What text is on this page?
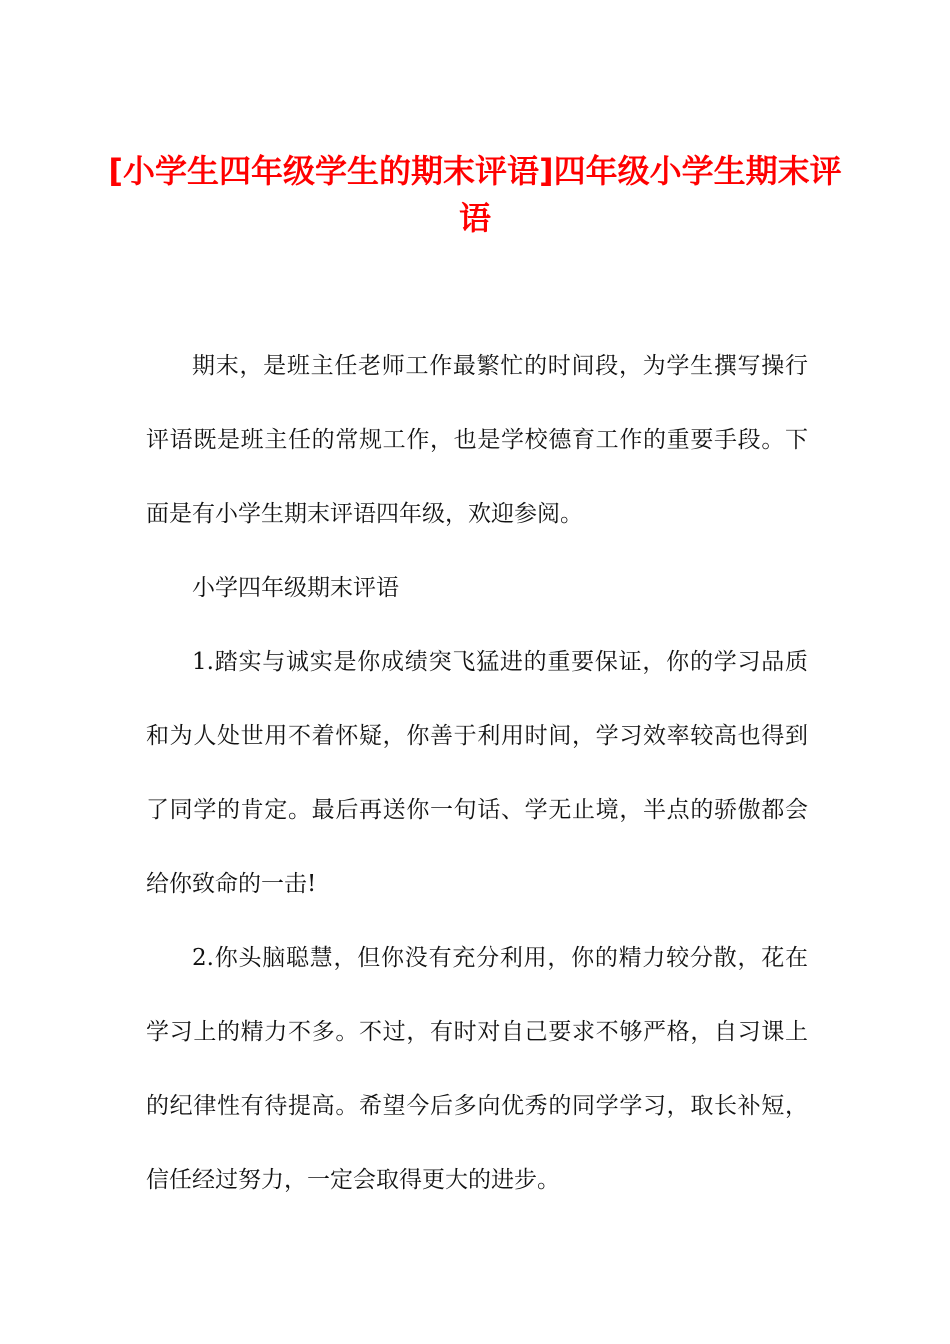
[小学生四年级学生的期末评语]四年级小学生期末评语

期末，是班主任老师工作最繁忙的时间段，为学生撰写操行评语既是班主任的常规工作，也是学校德育工作的重要手段。下面是有小学生期末评语四年级，欢迎参阅。

小学四年级期末评语

1.踏实与诚实是你成绩突飞猛进的重要保证，你的学习品质和为人处世用不着怀疑，你善于利用时间，学习效率较高也得到了同学的肯定。最后再送你一句话、学无止境，半点的骄傲都会给你致命的一击!

2.你头脑聪慧，但你没有充分利用，你的精力较分散，花在学习上的精力不多。不过，有时对自己要求不够严格，自习课上的纪律性有待提高。希望今后多向优秀的同学学习，取长补短，信任经过努力，一定会取得更大的进步。
